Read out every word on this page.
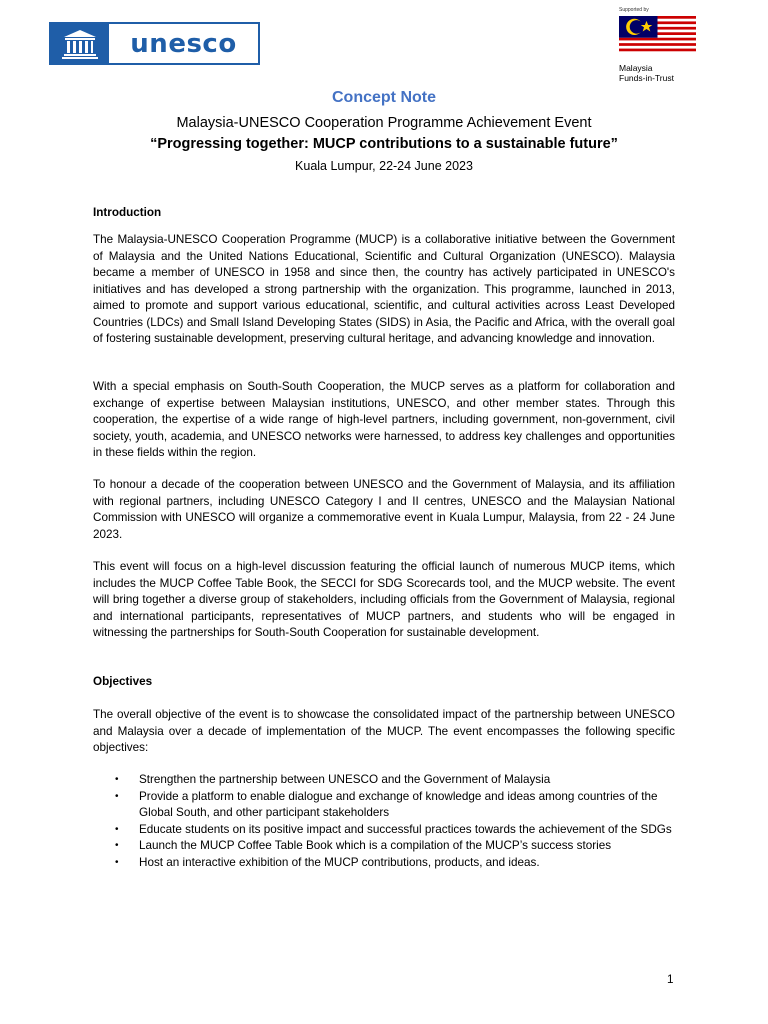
unesco
Supported by
Malaysia
Funds-in-Trust
Concept Note
Malaysia-UNESCO Cooperation Programme Achievement Event
“Progressing together: MUCP contributions to a sustainable future”
Kuala Lumpur, 22-24 June 2023
Introduction
The Malaysia-UNESCO Cooperation Programme (MUCP) is a collaborative initiative between the Government of Malaysia and the United Nations Educational, Scientific and Cultural Organization (UNESCO). Malaysia became a member of UNESCO in 1958 and since then, the country has actively participated in UNESCO's initiatives and has developed a strong partnership with the organization. This programme, launched in 2013, aimed to promote and support various educational, scientific, and cultural activities across Least Developed Countries (LDCs) and Small Island Developing States (SIDS) in Asia, the Pacific and Africa, with the overall goal of fostering sustainable development, preserving cultural heritage, and advancing knowledge and innovation.
With a special emphasis on South-South Cooperation, the MUCP serves as a platform for collaboration and exchange of expertise between Malaysian institutions, UNESCO, and other member states. Through this cooperation, the expertise of a wide range of high-level partners, including government, non-government, civil society, youth, academia, and UNESCO networks were harnessed, to address key challenges and opportunities in these fields within the region.
To honour a decade of the cooperation between UNESCO and the Government of Malaysia, and its affiliation with regional partners, including UNESCO Category I and II centres, UNESCO and the Malaysian National Commission with UNESCO will organize a commemorative event in Kuala Lumpur, Malaysia, from 22 - 24 June 2023.
This event will focus on a high-level discussion featuring the official launch of numerous MUCP items, which includes the MUCP Coffee Table Book, the SECCI for SDG Scorecards tool, and the MUCP website. The event will bring together a diverse group of stakeholders, including officials from the Government of Malaysia, regional and international participants, representatives of MUCP partners, and students who will be engaged in witnessing the partnerships for South-South Cooperation for sustainable development.
Objectives
The overall objective of the event is to showcase the consolidated impact of the partnership between UNESCO and Malaysia over a decade of implementation of the MUCP. The event encompasses the following specific objectives:
• Strengthen the partnership between UNESCO and the Government of Malaysia
• Provide a platform to enable dialogue and exchange of knowledge and ideas among countries of the Global South, and other participant stakeholders
• Educate students on its positive impact and successful practices towards the achievement of the SDGs
• Launch the MUCP Coffee Table Book which is a compilation of the MUCP’s success stories
• Host an interactive exhibition of the MUCP contributions, products, and ideas.
1
